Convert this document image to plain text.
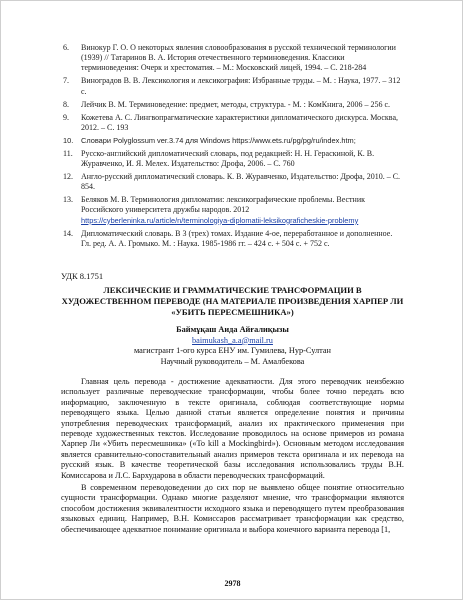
6.	Винокур Г. О. О некоторых явления словообразования в русской технической терминологии (1939) // Татаринов В. А. История отечественного терминоведения. Классики терминоведения: Очерк и хрестоматия. – М.: Московский лицей, 1994. – С. 218-284
7.	Виноградов В. В. Лексикология и лексикография: Избранные труды. – М. : Наука, 1977. – 312 с.
8.	Лейчик В. М. Терминоведение: предмет, методы, структура. - М. : КомКнига, 2006 – 256 с.
9.	Кожетева А. С. Лингвопрагматические характеристики дипломатического дискурса. Москва, 2012. – С. 193
10.	Словари Polyglossum ver.3.74 для Windows https://www.ets.ru/pg/pg/ru/index.htm;
11.	Русско-английский дипломатический словарь, под редакцией: Н. Н. Гераскиной, К. В. Журавченко, И. Я. Мелех. Издательство: Дрофа, 2006. – С. 760
12.	Англо-русский дипломатический словарь. К. В. Журавченко, Издательство: Дрофа, 2010. – С. 854.
13.	Беляков М. В. Терминология дипломатии: лексикографические проблемы. Вестник Российского университета дружбы народов. 2012
https://cyberleninka.ru/article/n/terminologiya-diplomatii-leksikograficheskie-problemy
14.	Дипломатический словарь. В 3 (трех) томах. Издание 4-ое, переработанное и дополненное. Гл. ред. А. А. Громыко. М. : Наука. 1985-1986 гг. – 424 с. + 504 с. + 752 с.
УДК 8.1751
ЛЕКСИЧЕСКИЕ И ГРАММАТИЧЕСКИЕ ТРАНСФОРМАЦИИ В ХУДОЖЕСТВЕННОМ ПЕРЕВОДЕ (НА МАТЕРИАЛЕ ПРОИЗВЕДЕНИЯ ХАРПЕР ЛИ «УБИТЬ ПЕРЕСМЕШНИКА»)
Баймұқаш Аида Айғалиқызы
baimukash_a.a@mail.ru
магистрант 1-ого курса ЕНУ им. Гумилева, Нур-Султан
Научный руководитель – М. Амалбекова

Главная цель перевода - достижение адекватности. Для этого переводчик неизбежно использует различные переводческие трансформации, чтобы более точно передать всю информацию, заключенную в тексте оригинала, соблюдая соответствующие нормы переводящего языка. Целью данной статьи является определение понятия и причины употребления переводческих трансформаций, анализ их практического применения при переводе художественных текстов. Исследование проводилось на основе примеров из романа Харпер Ли «Убить пересмешника» («To kill a Mockingbird»). Основным методом исследования является сравнительно-сопоставительный анализ примеров текста оригинала и их перевода на русский язык. В качестве теоретической базы исследования использовались труды В.Н. Комиссарова и Л.С. Бархударова в области переводческих трансформаций.

В современном переводоведении до сих пор не выявлено общее понятие относительно сущности трансформации. Однако многие разделяют мнение, что трансформации являются способом достижения эквивалентности исходного языка и переводящего путем преобразования языковых единиц. Например, В.Н. Комиссаров рассматривает трансформации как средство, обеспечивающее адекватное понимание оригинала и выбора конечного варианта перевода [1,

2978
